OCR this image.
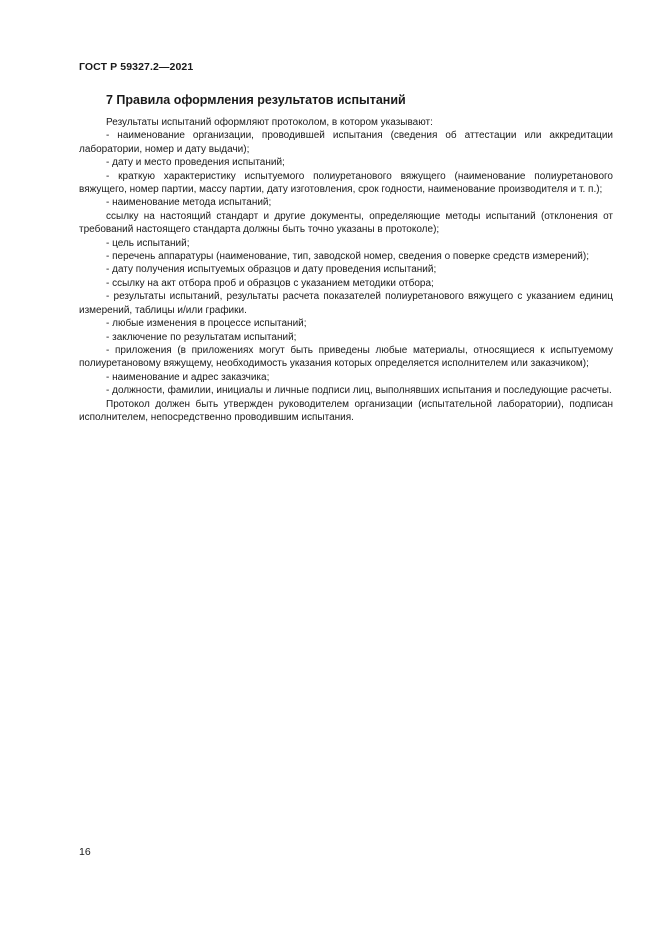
ГОСТ Р 59327.2—2021
7 Правила оформления результатов испытаний

Результаты испытаний оформляют протоколом, в котором указывают:

- наименование организации, проводившей испытания (сведения об аттестации или аккредитации лаборатории, номер и дату выдачи);

- дату и место проведения испытаний;

- краткую характеристику испытуемого полиуретанового вяжущего (наименование полиуретанового вяжущего, номер партии, массу партии, дату изготовления, срок годности, наименование производителя и т. п.);

- наименование метода испытаний;

ссылку на настоящий стандарт и другие документы, определяющие методы испытаний (отклонения от требований настоящего стандарта должны быть точно указаны в протоколе);

- цель испытаний;

- перечень аппаратуры (наименование, тип, заводской номер, сведения о поверке средств измерений);

- дату получения испытуемых образцов и дату проведения испытаний;

- ссылку на акт отбора проб и образцов с указанием методики отбора;

- результаты испытаний, результаты расчета показателей полиуретанового вяжущего с указанием единиц измерений, таблицы и/или графики.

- любые изменения в процессе испытаний;

- заключение по результатам испытаний;

- приложения (в приложениях могут быть приведены любые материалы, относящиеся к испытуемому полиуретановому вяжущему, необходимость указания которых определяется исполнителем или заказчиком);

- наименование и адрес заказчика;

- должности, фамилии, инициалы и личные подписи лиц, выполнявших испытания и последующие расчеты.

Протокол должен быть утвержден руководителем организации (испытательной лаборатории), подписан исполнителем, непосредственно проводившим испытания.

16
